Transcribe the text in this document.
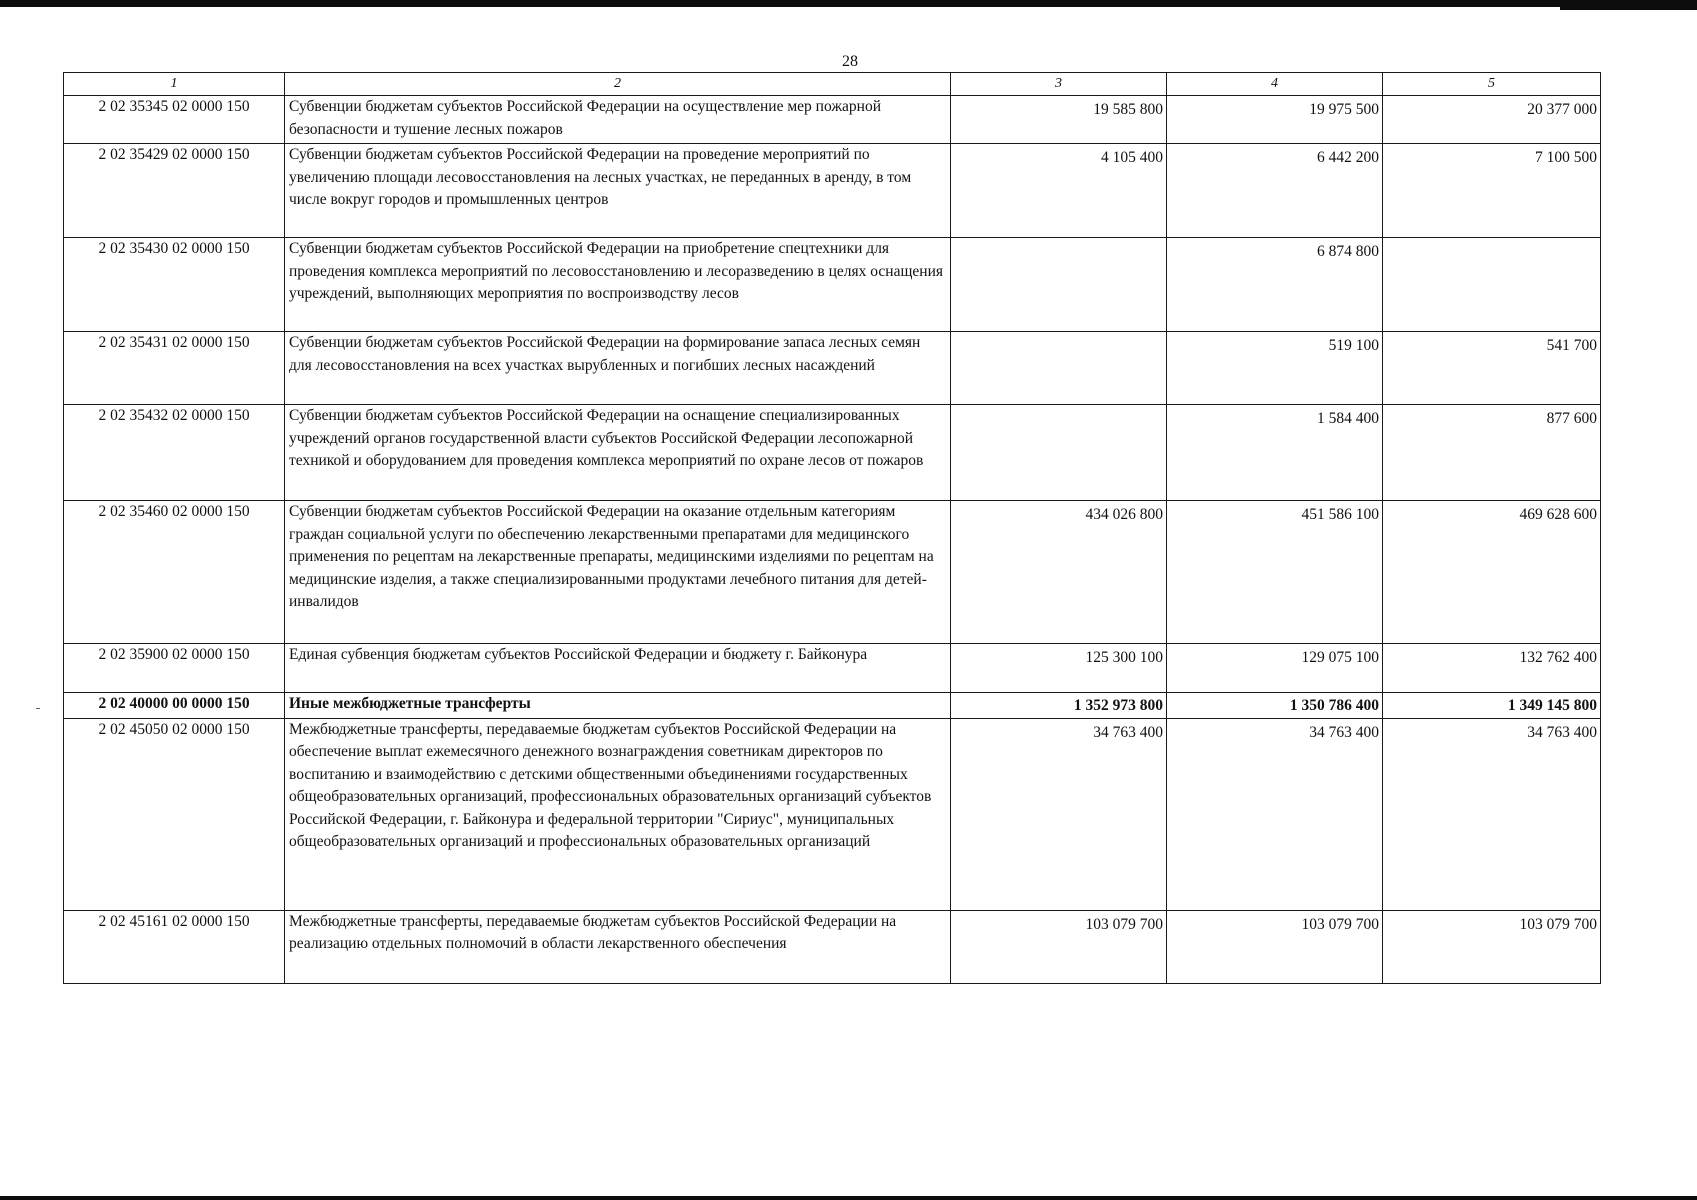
28
1	2	3	4	5
2 02 35345 02 0000 150	Субвенции бюджетам субъектов Российской Федерации на осуществление мер пожарной безопасности и тушение лесных пожаров	19 585 800	19 975 500	20 377 000
2 02 35429 02 0000 150	Субвенции бюджетам субъектов Российской Федерации на проведение мероприятий по увеличению площади лесовосстановления на лесных участках, не переданных в аренду, в том числе вокруг городов и промышленных центров	4 105 400	6 442 200	7 100 500
2 02 35430 02 0000 150	Субвенции бюджетам субъектов Российской Федерации на приобретение спецтехники для проведения комплекса мероприятий по лесовосстановлению и лесоразведению в целях оснащения учреждений, выполняющих мероприятия по воспроизводству лесов		6 874 800	
2 02 35431 02 0000 150	Субвенции бюджетам субъектов Российской Федерации на формирование запаса лесных семян для лесовосстановления на всех участках вырубленных и погибших лесных насаждений		519 100	541 700
2 02 35432 02 0000 150	Субвенции бюджетам субъектов Российской Федерации на оснащение специализированных учреждений органов государственной власти субъектов Российской Федерации лесопожарной техникой и оборудованием для проведения комплекса мероприятий по охране лесов от пожаров		1 584 400	877 600
2 02 35460 02 0000 150	Субвенции бюджетам субъектов Российской Федерации на оказание отдельным категориям граждан социальной услуги по обеспечению лекарственными препаратами для медицинского применения по рецептам на лекарственные препараты, медицинскими изделиями по рецептам на медицинские изделия, а также специализированными продуктами лечебного питания для детей-инвалидов	434 026 800	451 586 100	469 628 600
2 02 35900 02 0000 150	Единая субвенция бюджетам субъектов Российской Федерации и бюджету г. Байконура	125 300 100	129 075 100	132 762 400
2 02 40000 00 0000 150	Иные межбюджетные трансферты	1 352 973 800	1 350 786 400	1 349 145 800
2 02 45050 02 0000 150	Межбюджетные трансферты, передаваемые бюджетам субъектов Российской Федерации на обеспечение выплат ежемесячного денежного вознаграждения советникам директоров по воспитанию и взаимодействию с детскими общественными объединениями государственных общеобразовательных организаций, профессиональных образовательных организаций субъектов Российской Федерации, г. Байконура и федеральной территории "Сириус", муниципальных общеобразовательных организаций и профессиональных образовательных организаций	34 763 400	34 763 400	34 763 400
2 02 45161 02 0000 150	Межбюджетные трансферты, передаваемые бюджетам субъектов Российской Федерации на реализацию отдельных полномочий в области лекарственного обеспечения	103 079 700	103 079 700	103 079 700
